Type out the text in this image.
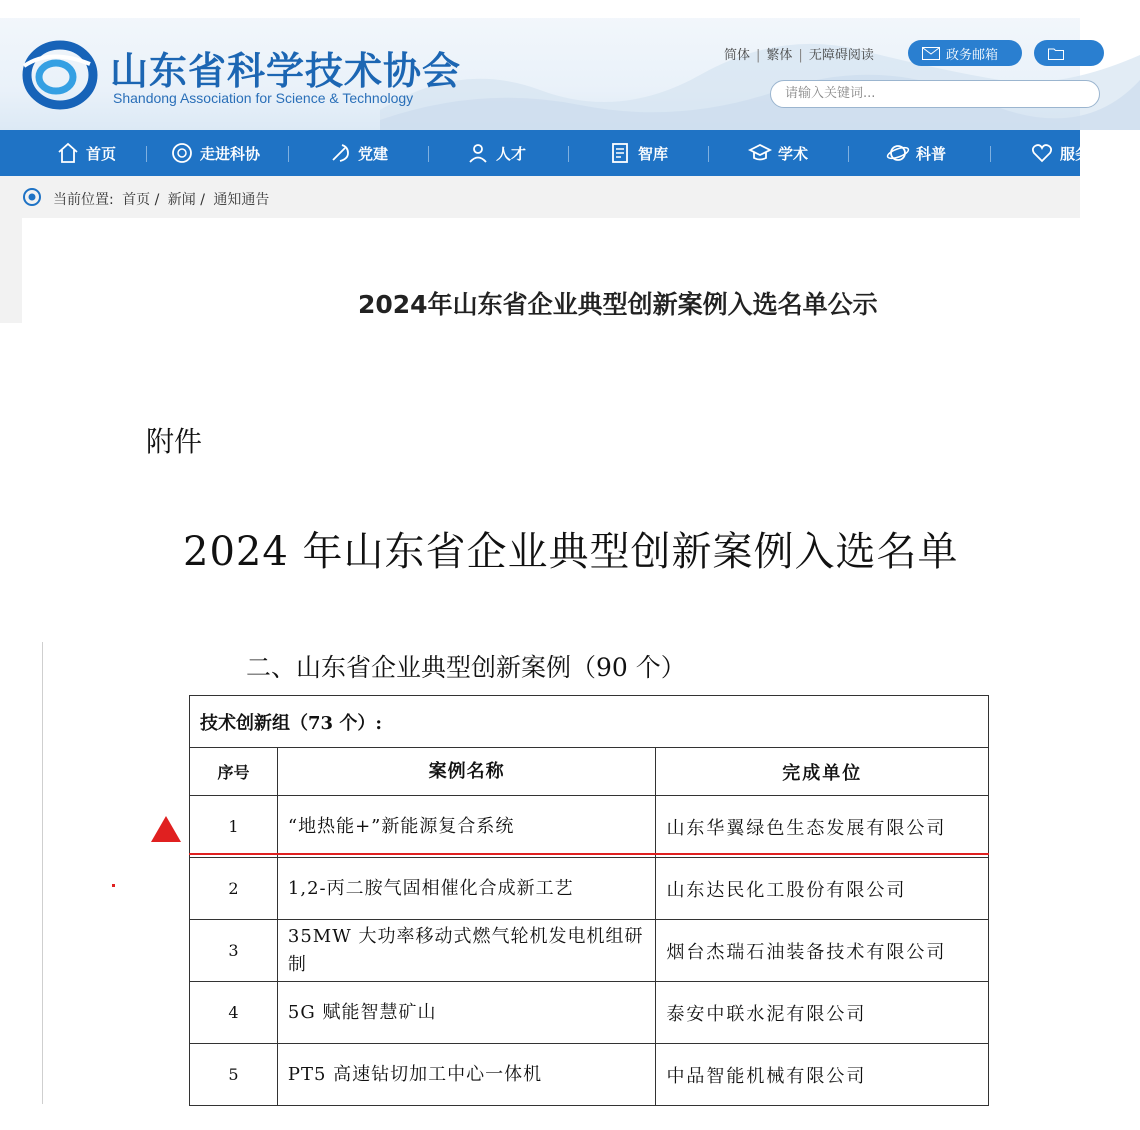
山东省科学技术协会
Shandong Association for Science & Technology
简体 | 繁体 | 无障碍阅读	政务邮箱
请输入关键词...
首页	走进科协	党建	人才	智库	学术	科普	服务
当前位置: 首页 / 新闻 / 通知通告
2024年山东省企业典型创新案例入选名单公示
附件
2024 年山东省企业典型创新案例入选名单
二、山东省企业典型创新案例（90 个）
技术创新组（73 个）:		
序号	案例名称	完成单位
1	“地热能+”新能源复合系统	山东华翼绿色生态发展有限公司
2	1,2-丙二胺气固相催化合成新工艺	山东达民化工股份有限公司
3	35MW 大功率移动式燃气轮机发电机组研制	烟台杰瑞石油装备技术有限公司
4	5G 赋能智慧矿山	泰安中联水泥有限公司
5	PT5 高速钻切加工中心一体机	中品智能机械有限公司
